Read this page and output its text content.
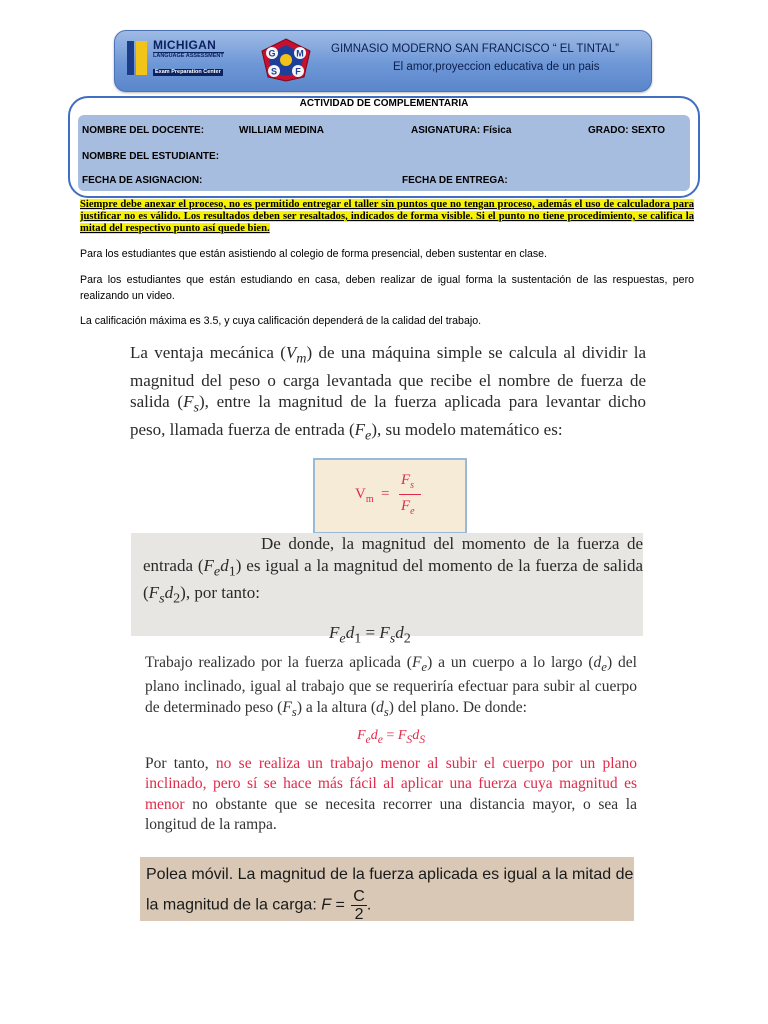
MICHIGAN
LANGUAGE ASSESSMENT
Exam Preparation Center
G M
S F
GIMNASIO MODERNO SAN FRANCISCO “ EL TINTAL”
El amor,proyeccion educativa de un pais
ACTIVIDAD DE COMPLEMENTARIA
NOMBRE DEL DOCENTE:	WILLIAM MEDINA	ASIGNATURA: Física	GRADO: SEXTO
NOMBRE DEL ESTUDIANTE:
FECHA DE ASIGNACION:	FECHA DE ENTREGA:
Siempre debe anexar el proceso, no es permitido entregar el taller sin puntos que no tengan proceso, además el uso de calculadora para justificar no es válido. Los resultados deben ser resaltados, indicados de forma visible. Si el punto no tiene procedimiento, se califica la mitad del respectivo punto así quede bien.
Para los estudiantes que están asistiendo al colegio de forma presencial, deben sustentar en clase.
Para los estudiantes que están estudiando en casa, deben realizar de igual forma la sustentación de las respuestas, pero realizando un video.
La calificación máxima es 3.5, y cuya calificación dependerá de la calidad del trabajo.
La ventaja mecánica $(V_m)$ de una máquina simple se calcula al dividir la magnitud del peso o carga levantada que recibe el nombre de fuerza de salida $(F_s)$, entre la magnitud de la fuerza aplicada para levantar dicho peso, llamada fuerza de entrada $(F_e)$, su modelo matemático es:
$V_m$ =
$F_s$
$F_e$
De donde, la magnitud del momento de la fuerza de entrada $(F_ed_1)$ es igual a la magnitud del momento de la fuerza de salida $(F_sd_2)$, por tanto:
$F_ed_1 = F_sd_2$
Trabajo realizado por la fuerza aplicada $(F_e)$ a un cuerpo a lo largo $(d_e)$ del plano inclinado, igual al trabajo que se requeriría efectuar para subir al cuerpo de determinado peso $(F_s)$ a la altura $(d_s)$ del plano. De donde:
$F_ed_e = F_Sd_S$
Por tanto, no se realiza un trabajo menor al subir el cuerpo por un plano inclinado, pero sí se hace más fácil al aplicar una fuerza cuya magnitud es menor no obstante que se necesita recorrer una distancia mayor, o sea la longitud de la rampa.
Polea móvil. La magnitud de la fuerza aplicada es igual a la mitad de la magnitud de la carga: $F = \frac{C}{2}$ .
